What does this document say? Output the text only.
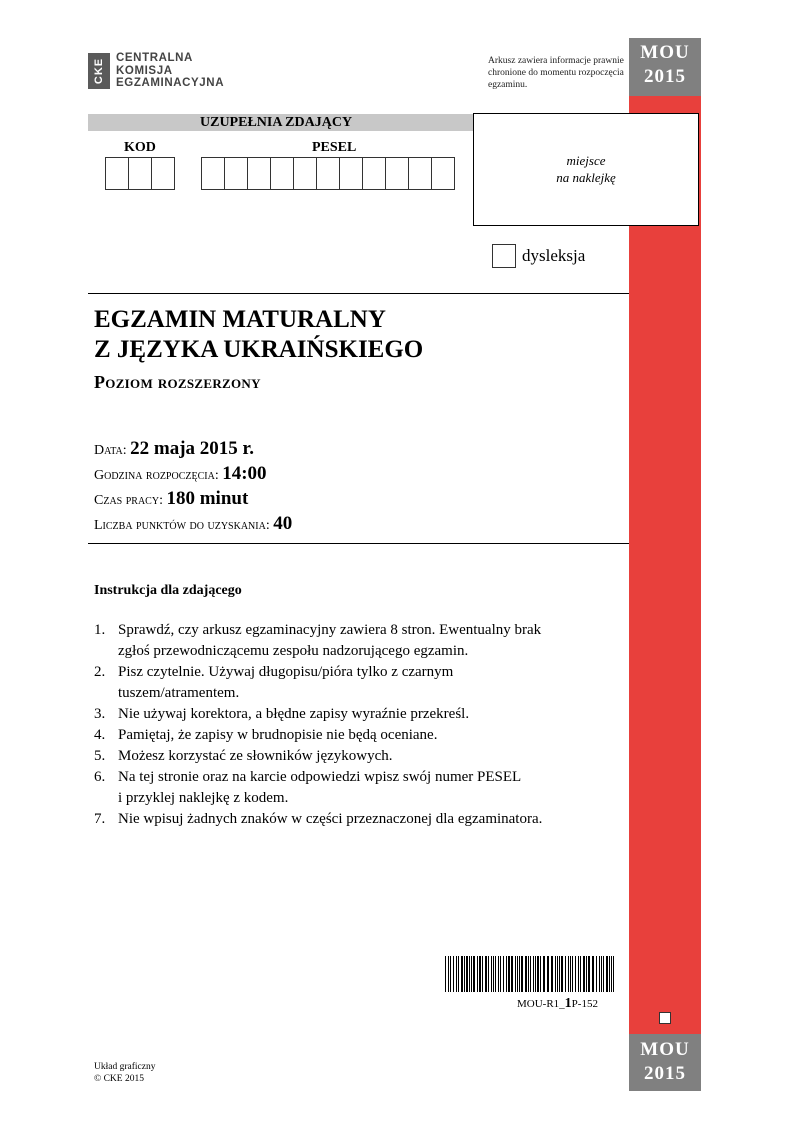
CKE CENTRALNA
KOMISJA
EGZAMINACYJNA
Arkusz zawiera informacje prawnie chronione do momentu rozpoczęcia egzaminu.
MOU
2015
MOU
2015
UZUPEŁNIA ZDAJĄCY
KOD	PESEL
miejsce
na naklejkę
dysleksja
EGZAMIN MATURALNY
Z JĘZYKA UKRAIŃSKIEGO
Poziom rozszerzony
Data: 22 maja 2015 r.
Godzina rozpoczęcia: 14:00
Czas pracy: 180 minut
Liczba punktów do uzyskania: 40
Instrukcja dla zdającego
1. Sprawdź, czy arkusz egzaminacyjny zawiera 8 stron. Ewentualny brak
zgłoś przewodniczącemu zespołu nadzorującego egzamin.
2. Pisz czytelnie. Używaj długopisu/pióra tylko z czarnym
tuszem/atramentem.
3. Nie używaj korektora, a błędne zapisy wyraźnie przekreśl.
4. Pamiętaj, że zapisy w brudnopisie nie będą oceniane.
5. Możesz korzystać ze słowników językowych.
6. Na tej stronie oraz na karcie odpowiedzi wpisz swój numer PESEL
i przyklej naklejkę z kodem.
7. Nie wpisuj żadnych znaków w części przeznaczonej dla egzaminatora.
MOU-R1_1P-152
Układ graficzny
© CKE 2015
